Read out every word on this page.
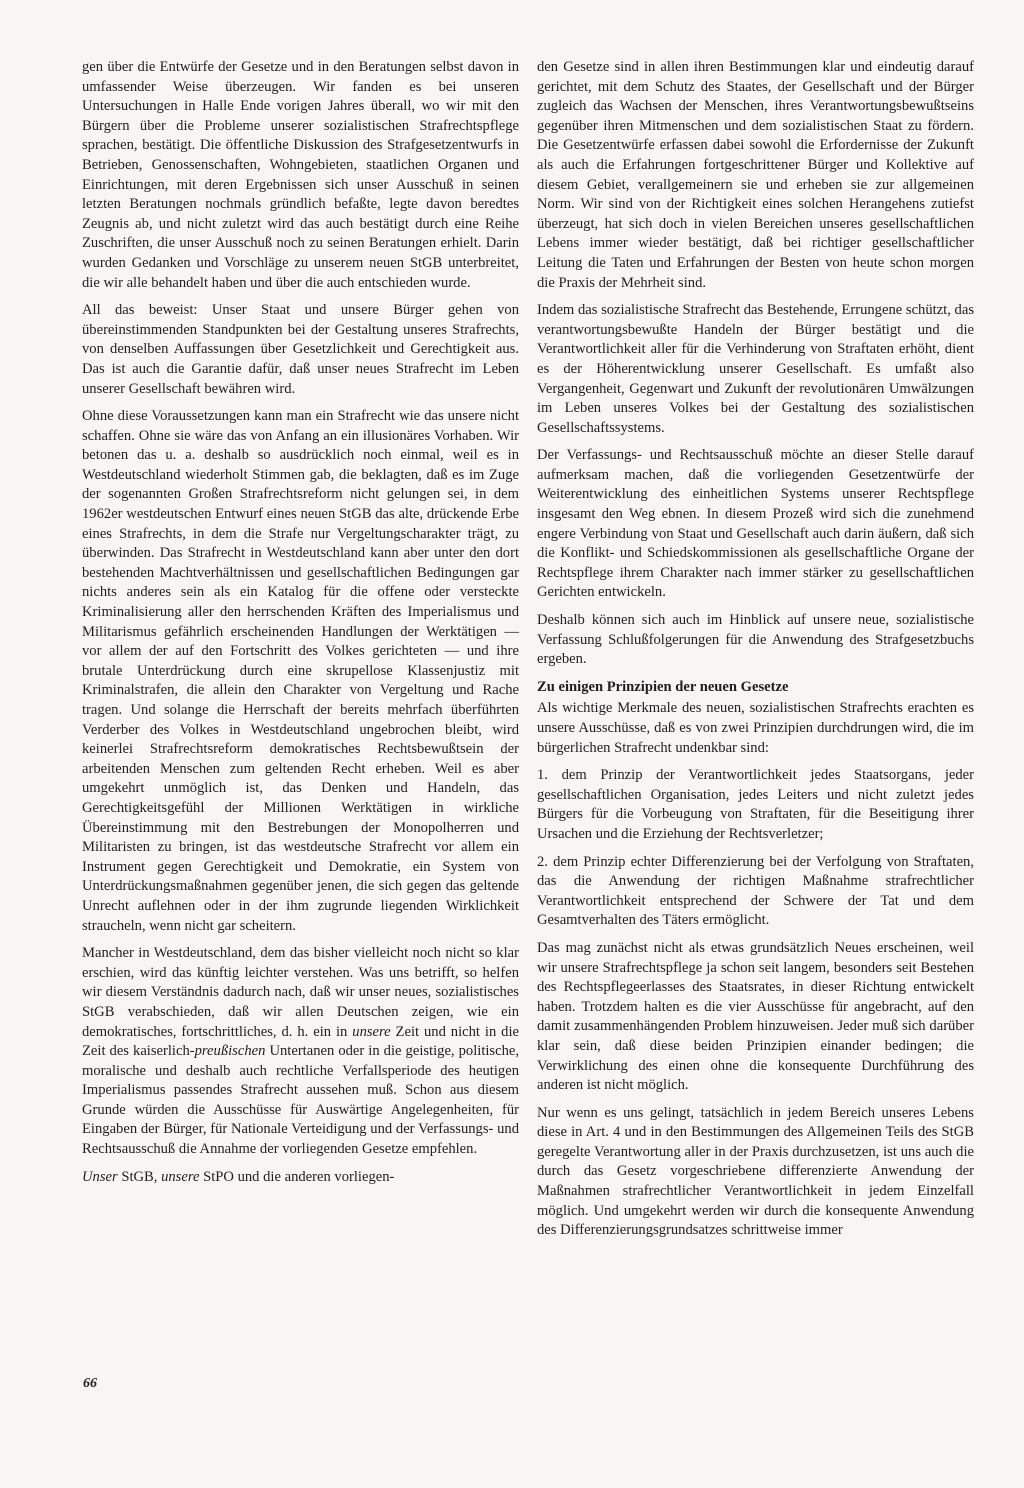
gen über die Entwürfe der Gesetze und in den Beratungen selbst davon in umfassender Weise überzeugen. Wir fanden es bei unseren Untersuchungen in Halle Ende vorigen Jahres überall, wo wir mit den Bürgern über die Probleme unserer sozialistischen Strafrechtspflege sprachen, bestätigt. Die öffentliche Diskussion des Strafgesetzentwurfs in Betrieben, Genossenschaften, Wohngebieten, staatlichen Organen und Einrichtungen, mit deren Ergebnissen sich unser Ausschuß in seinen letzten Beratungen nochmals gründlich befaßte, legte davon beredtes Zeugnis ab, und nicht zuletzt wird das auch bestätigt durch eine Reihe Zuschriften, die unser Ausschuß noch zu seinen Beratungen erhielt. Darin wurden Gedanken und Vorschläge zu unserem neuen StGB unterbreitet, die wir alle behandelt haben und über die auch entschieden wurde.

All das beweist: Unser Staat und unsere Bürger gehen von übereinstimmenden Standpunkten bei der Gestaltung unseres Strafrechts, von denselben Auffassungen über Gesetzlichkeit und Gerechtigkeit aus. Das ist auch die Garantie dafür, daß unser neues Strafrecht im Leben unserer Gesellschaft bewähren wird.

Ohne diese Voraussetzungen kann man ein Strafrecht wie das unsere nicht schaffen. Ohne sie wäre das von Anfang an ein illusionäres Vorhaben. Wir betonen das u. a. deshalb so ausdrücklich noch einmal, weil es in Westdeutschland wiederholt Stimmen gab, die beklagten, daß es im Zuge der sogenannten Großen Strafrechtsreform nicht gelungen sei, in dem 1962er westdeutschen Entwurf eines neuen StGB das alte, drückende Erbe eines Strafrechts, in dem die Strafe nur Vergeltungscharakter trägt, zu überwinden. Das Strafrecht in Westdeutschland kann aber unter den dort bestehenden Machtverhältnissen und gesellschaftlichen Bedingungen gar nichts anderes sein als ein Katalog für die offene oder versteckte Kriminalisierung aller den herrschenden Kräften des Imperialismus und Militarismus gefährlich erscheinenden Handlungen der Werktätigen — vor allem der auf den Fortschritt des Volkes gerichteten — und ihre brutale Unterdrückung durch eine skrupellose Klassenjustiz mit Kriminalstrafen, die allein den Charakter von Vergeltung und Rache tragen. Und solange die Herrschaft der bereits mehrfach überführten Verderber des Volkes in Westdeutschland ungebrochen bleibt, wird keinerlei Strafrechtsreform demokratisches Rechtsbewußtsein der arbeitenden Menschen zum geltenden Recht erheben. Weil es aber umgekehrt unmöglich ist, das Denken und Handeln, das Gerechtigkeitsgefühl der Millionen Werktätigen in wirkliche Übereinstimmung mit den Bestrebungen der Monopolherren und Militaristen zu bringen, ist das westdeutsche Strafrecht vor allem ein Instrument gegen Gerechtigkeit und Demokratie, ein System von Unterdrückungsmaßnahmen gegenüber jenen, die sich gegen das geltende Unrecht auflehnen oder in der ihm zugrunde liegenden Wirklichkeit straucheln, wenn nicht gar scheitern.

Mancher in Westdeutschland, dem das bisher vielleicht noch nicht so klar erschien, wird das künftig leichter verstehen. Was uns betrifft, so helfen wir diesem Verständnis dadurch nach, daß wir unser neues, sozialistisches StGB verabschieden, daß wir allen Deutschen zeigen, wie ein demokratisches, fortschrittliches, d. h. ein in unsere Zeit und nicht in die Zeit des kaiserlich-preußischen Untertanen oder in die geistige, politische, moralische und deshalb auch rechtliche Verfallsperiode des heutigen Imperialismus passendes Strafrecht aussehen muß. Schon aus diesem Grunde würden die Ausschüsse für Auswärtige Angelegenheiten, für Eingaben der Bürger, für Nationale Verteidigung und der Verfassungs- und Rechtsausschuß die Annahme der vorliegenden Gesetze empfehlen.

Unser StGB, unsere StPO und die anderen vorliegen-

den Gesetze sind in allen ihren Bestimmungen klar und eindeutig darauf gerichtet, mit dem Schutz des Staates, der Gesellschaft und der Bürger zugleich das Wachsen der Menschen, ihres Verantwortungsbewußtseins gegenüber ihren Mitmenschen und dem sozialistischen Staat zu fördern. Die Gesetzentwürfe erfassen dabei sowohl die Erfordernisse der Zukunft als auch die Erfahrungen fortgeschrittener Bürger und Kollektive auf diesem Gebiet, verallgemeinern sie und erheben sie zur allgemeinen Norm. Wir sind von der Richtigkeit eines solchen Herangehens zutiefst überzeugt, hat sich doch in vielen Bereichen unseres gesellschaftlichen Lebens immer wieder bestätigt, daß bei richtiger gesellschaftlicher Leitung die Taten und Erfahrungen der Besten von heute schon morgen die Praxis der Mehrheit sind.

Indem das sozialistische Strafrecht das Bestehende, Errungene schützt, das verantwortungsbewußte Handeln der Bürger bestätigt und die Verantwortlichkeit aller für die Verhinderung von Straftaten erhöht, dient es der Höherentwicklung unserer Gesellschaft. Es umfaßt also Vergangenheit, Gegenwart und Zukunft der revolutionären Umwälzungen im Leben unseres Volkes bei der Gestaltung des sozialistischen Gesellschaftssystems.

Der Verfassungs- und Rechtsausschuß möchte an dieser Stelle darauf aufmerksam machen, daß die vorliegenden Gesetzentwürfe der Weiterentwicklung des einheitlichen Systems unserer Rechtspflege insgesamt den Weg ebnen. In diesem Prozeß wird sich die zunehmend engere Verbindung von Staat und Gesellschaft auch darin äußern, daß sich die Konflikt- und Schiedskommissionen als gesellschaftliche Organe der Rechtspflege ihrem Charakter nach immer stärker zu gesellschaftlichen Gerichten entwickeln.

Deshalb können sich auch im Hinblick auf unsere neue, sozialistische Verfassung Schlußfolgerungen für die Anwendung des Strafgesetzbuchs ergeben.

Zu einigen Prinzipien der neuen Gesetze

Als wichtige Merkmale des neuen, sozialistischen Strafrechts erachten es unsere Ausschüsse, daß es von zwei Prinzipien durchdrungen wird, die im bürgerlichen Strafrecht undenkbar sind:

1. dem Prinzip der Verantwortlichkeit jedes Staatsorgans, jeder gesellschaftlichen Organisation, jedes Leiters und nicht zuletzt jedes Bürgers für die Vorbeugung von Straftaten, für die Beseitigung ihrer Ursachen und die Erziehung der Rechtsverletzer;

2. dem Prinzip echter Differenzierung bei der Verfolgung von Straftaten, das die Anwendung der richtigen Maßnahme strafrechtlicher Verantwortlichkeit entsprechend der Schwere der Tat und dem Gesamtverhalten des Täters ermöglicht.

Das mag zunächst nicht als etwas grundsätzlich Neues erscheinen, weil wir unsere Strafrechtspflege ja schon seit langem, besonders seit Bestehen des Rechtspflegeerlasses des Staatsrates, in dieser Richtung entwickelt haben. Trotzdem halten es die vier Ausschüsse für angebracht, auf den damit zusammenhängenden Problem hinzuweisen. Jeder muß sich darüber klar sein, daß diese beiden Prinzipien einander bedingen; die Verwirklichung des einen ohne die konsequente Durchführung des anderen ist nicht möglich.

Nur wenn es uns gelingt, tatsächlich in jedem Bereich unseres Lebens diese in Art. 4 und in den Bestimmungen des Allgemeinen Teils des StGB geregelte Verantwortung aller in der Praxis durchzusetzen, ist uns auch die durch das Gesetz vorgeschriebene differenzierte Anwendung der Maßnahmen strafrechtlicher Verantwortlichkeit in jedem Einzelfall möglich. Und umgekehrt werden wir durch die konsequente Anwendung des Differenzierungsgrundsatzes schrittweise immer

66
